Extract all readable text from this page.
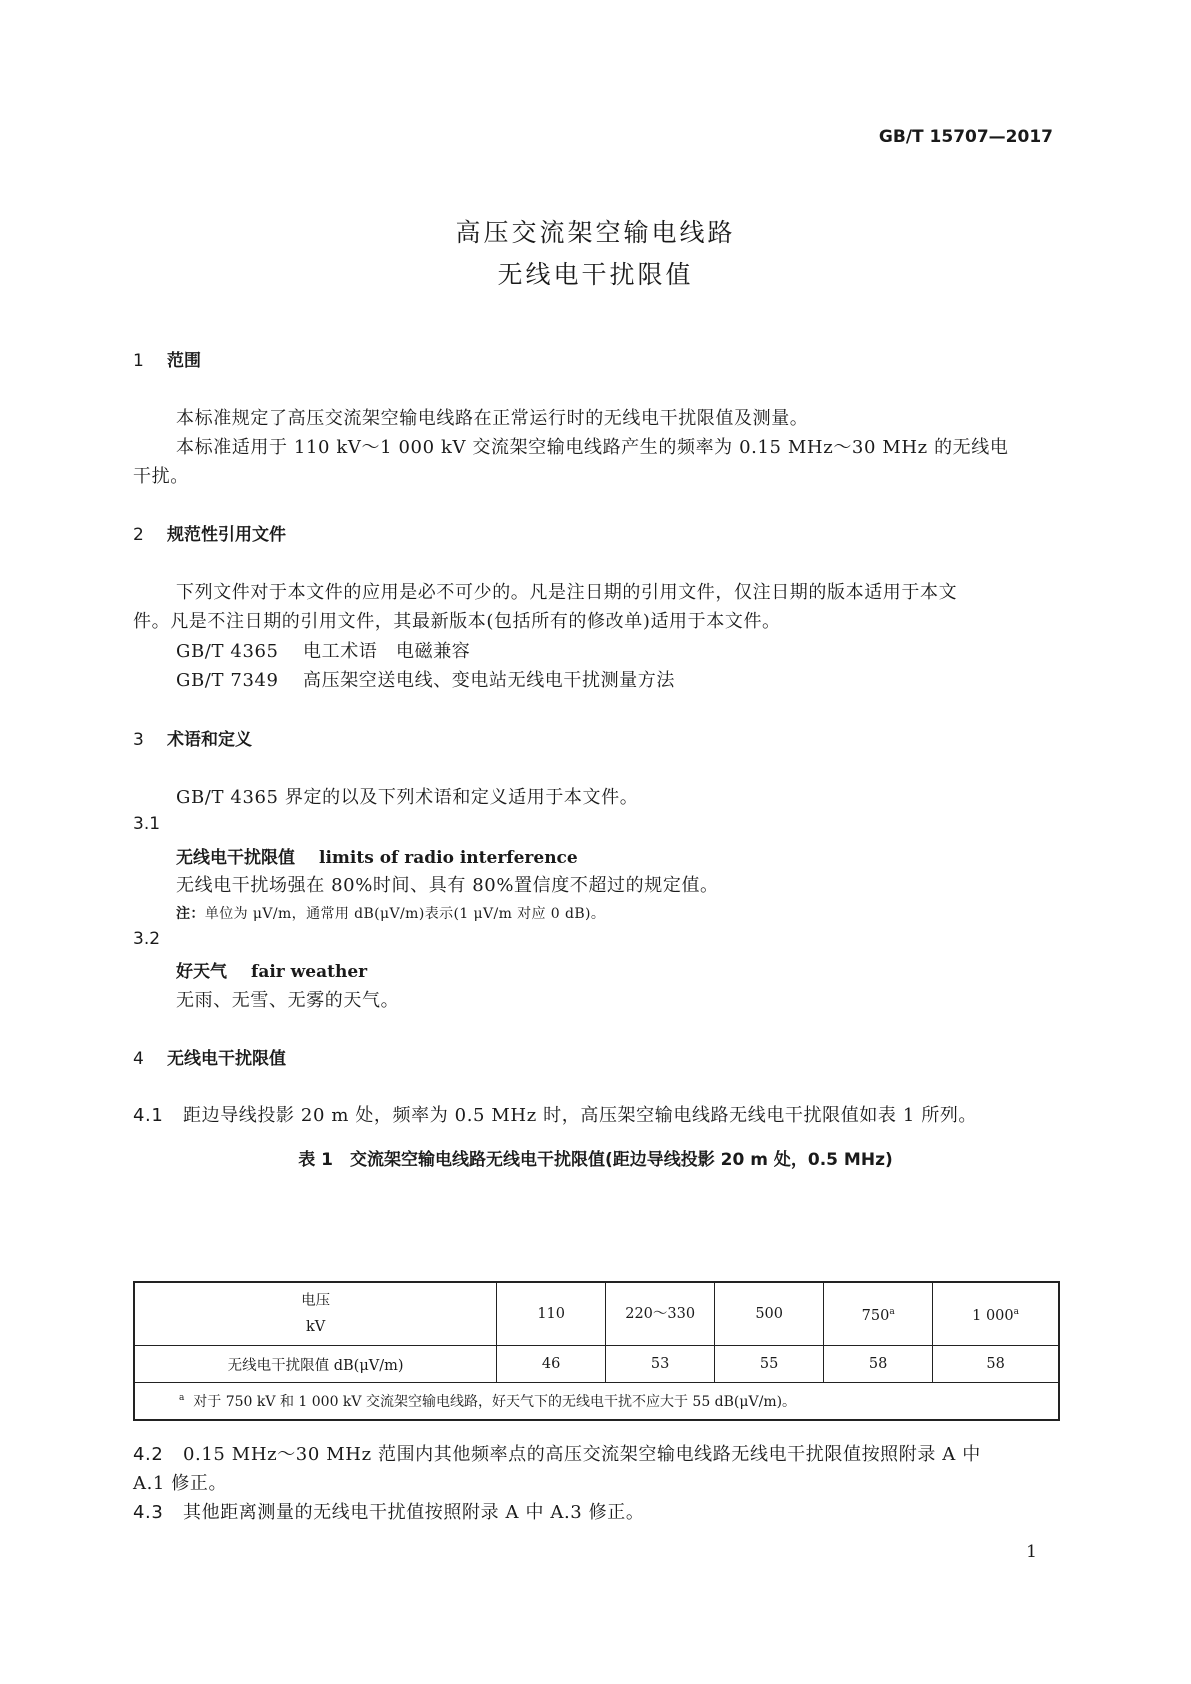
GB/T 15707—2017
高压交流架空输电线路
无线电干扰限值
1 范围
本标准规定了高压交流架空输电线路在正常运行时的无线电干扰限值及测量。
本标准适用于 110 kV～1 000 kV 交流架空输电线路产生的频率为 0.15 MHz～30 MHz 的无线电
干扰。
2 规范性引用文件
下列文件对于本文件的应用是必不可少的。凡是注日期的引用文件，仅注日期的版本适用于本文
件。凡是不注日期的引用文件，其最新版本(包括所有的修改单)适用于本文件。
GB/T 4365 电工术语　电磁兼容
GB/T 7349 高压架空送电线、变电站无线电干扰测量方法
3 术语和定义
GB/T 4365 界定的以及下列术语和定义适用于本文件。
3.1
无线电干扰限值 limits of radio interference
无线电干扰场强在 80%时间、具有 80%置信度不超过的规定值。
注：单位为 μV/m，通常用 dB(μV/m)表示(1 μV/m 对应 0 dB)。
3.2
好天气 fair weather
无雨、无雪、无雾的天气。
4 无线电干扰限值
4.1 距边导线投影 20 m 处，频率为 0.5 MHz 时，高压架空输电线路无线电干扰限值如表 1 所列。
表 1　交流架空输电线路无线电干扰限值(距边导线投影 20 m 处，0.5 MHz)
电压
kV	110	220～330	500	750$^a$	1 000$^a$
无线电干扰限值 dB(μV/m)	46	53	55	58	58
$^a$ 对于 750 kV 和 1 000 kV 交流架空输电线路，好天气下的无线电干扰不应大于 55 dB(μV/m)。					
4.2 0.15 MHz～30 MHz 范围内其他频率点的高压交流架空输电线路无线电干扰限值按照附录 A 中
A.1 修正。
4.3 其他距离测量的无线电干扰值按照附录 A 中 A.3 修正。
1
